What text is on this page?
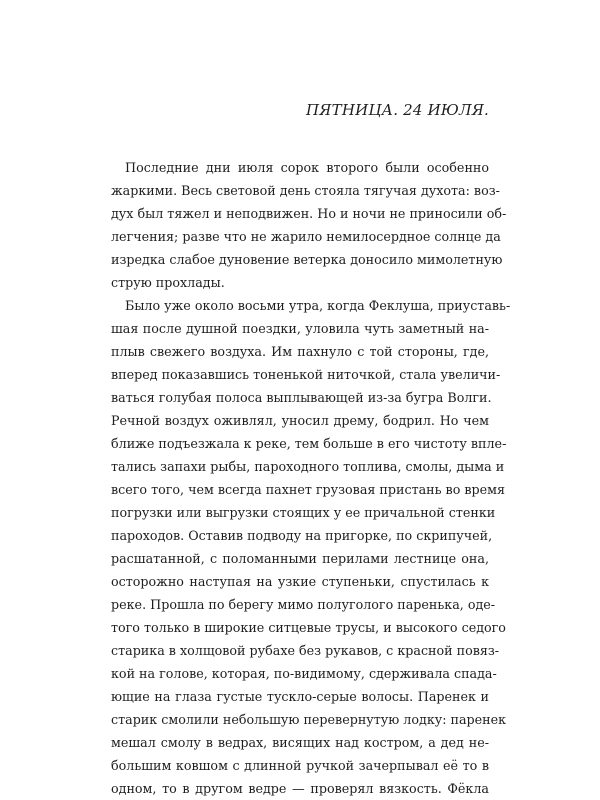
ПЯТНИЦА. 24 ИЮЛЯ.
Последние дни июля сорок второго были особенно
жаркими. Весь световой день стояла тягучая духота: воз-
дух был тяжел и неподвижен. Но и ночи не приносили об-
легчения; разве что не жарило немилосердное солнце да
изредка слабое дуновение ветерка доносило мимолетную
струю прохлады.
Было уже около восьми утра, когда Феклуша, приуставь-
шая после душной поездки, уловила чуть заметный на-
плыв свежего воздуха. Им пахнуло с той стороны, где,
вперед показавшись тоненькой ниточкой, стала увеличи-
ваться голубая полоса выплывающей из-за бугра Волги.
Речной воздух оживлял, уносил дрему, бодрил. Но чем
ближе подъезжала к реке, тем больше в его чистоту впле-
тались запахи рыбы, пароходного топлива, смолы, дыма и
всего того, чем всегда пахнет грузовая пристань во время
погрузки или выгрузки стоящих у ее причальной стенки
пароходов. Оставив подводу на пригорке, по скрипучей,
расшатанной, с поломанными перилами лестнице она,
осторожно наступая на узкие ступеньки, спустилась к
реке. Прошла по берегу мимо полуголого паренька, оде-
того только в широкие ситцевые трусы, и высокого седого
старика в холщовой рубахе без рукавов, с красной повяз-
кой на голове, которая, по-видимому, сдерживала спада-
ющие на глаза густые тускло-серые волосы. Паренек и
старик смолили небольшую перевернутую лодку: паренек
мешал смолу в ведрах, висящих над костром, а дед не-
большим ковшом с длинной ручкой зачерпывал её то в
одном, то в другом ведре — проверял вязкость. Фёкла
